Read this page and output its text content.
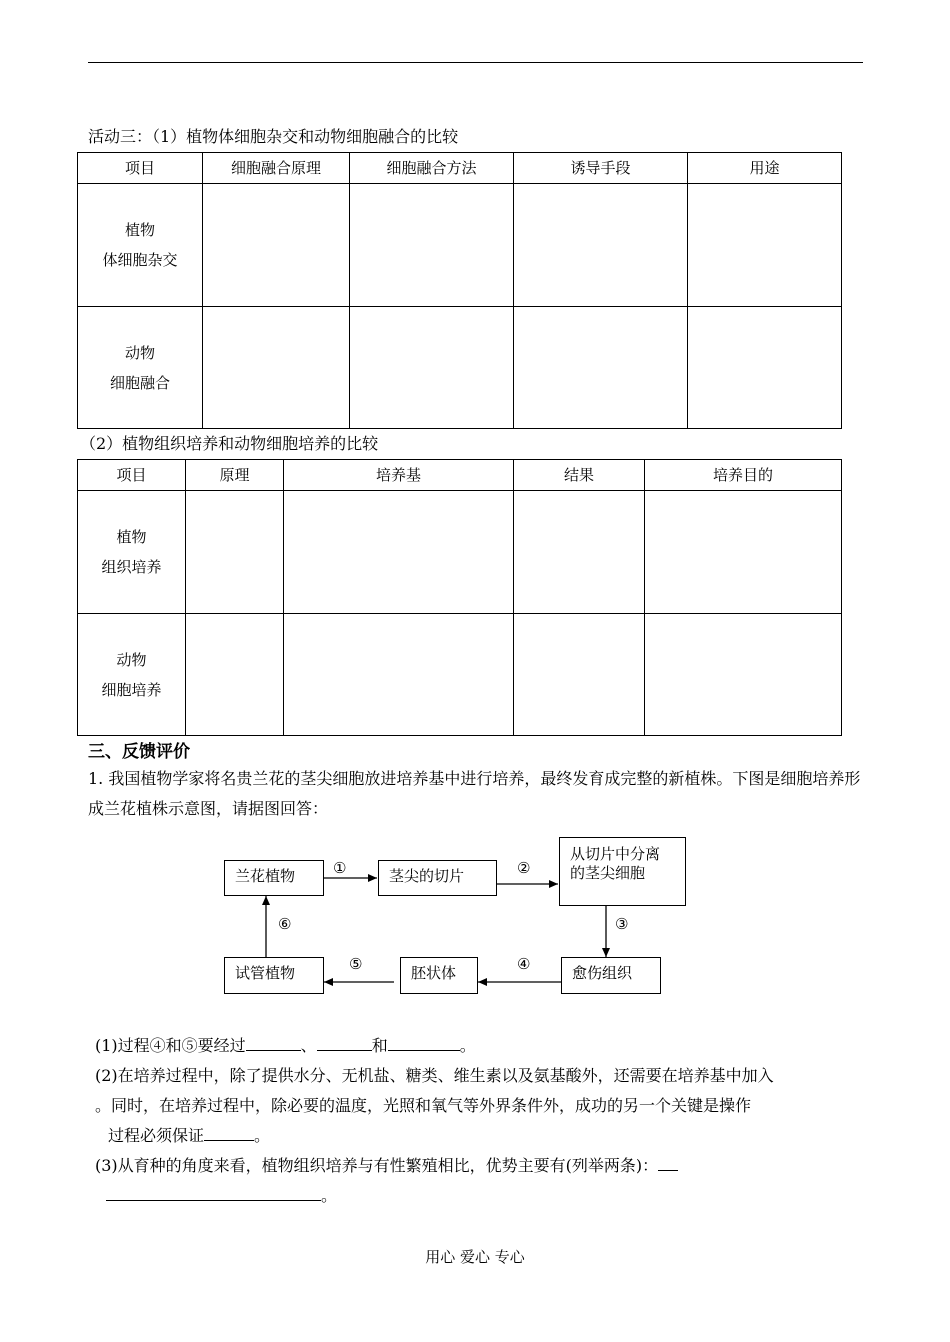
活动三：（1）植物体细胞杂交和动物细胞融合的比较
项目	细胞融合原理	细胞融合方法	诱导手段	用途

植物
体细胞杂交				

动物
细胞融合				

（2）植物组织培养和动物细胞培养的比较
项目	原理	培养基	结果	培养目的

植物
组织培养				

动物
细胞培养				

三、反馈评价
1. 我国植物学家将名贵兰花的茎尖细胞放进培养基中进行培养，最终发育成完整的新植株。下图是细胞培养形成兰花植株示意图，请据图回答：
兰花植物	茎尖的切片
从切片中分离
的茎尖细胞
愈伤组织
胚状体
试管植物
①	②
③
④
⑤
⑥
(1)过程④和⑤要经过	、	和	。
(2)在培养过程中，除了提供水分、无机盐、糖类、维生素以及氨基酸外，还需要在培养基中加入
。同时，在培养过程中，除必要的温度，光照和氧气等外界条件外，成功的另一个关键是操作
过程必须保证	。
(3)从育种的角度来看，植物组织培养与有性繁殖相比，优势主要有(列举两条)：
。
用心 爱心 专心
